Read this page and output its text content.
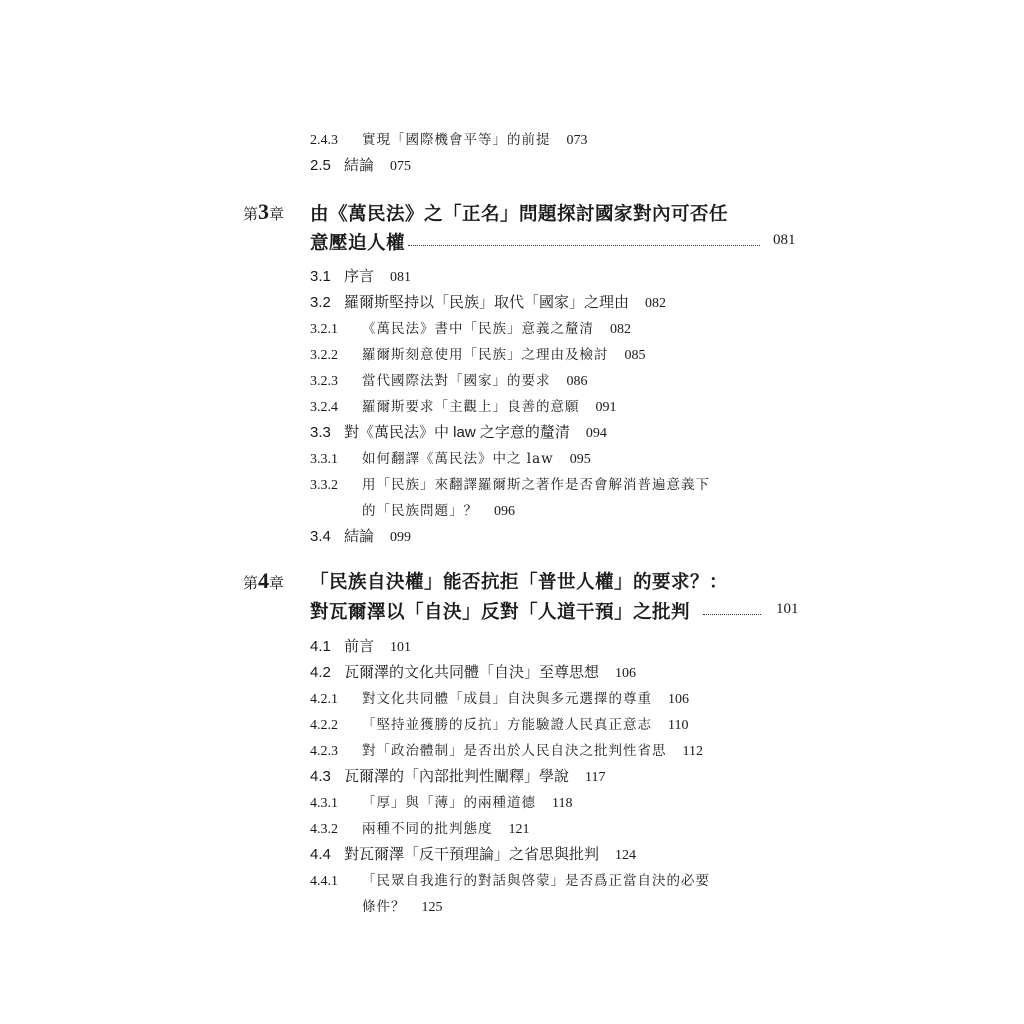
2.4.3 實現「國際機會平等」的前提 073
2.5 結論 075
第3章 由《萬民法》之「正名」問題探討國家對內可否任
意壓迫人權	081
3.1 序言 081
3.2 羅爾斯堅持以「民族」取代「國家」之理由 082
3.2.1 《萬民法》書中「民族」意義之釐清 082
3.2.2 羅爾斯刻意使用「民族」之理由及檢討 085
3.2.3 當代國際法對「國家」的要求 086
3.2.4 羅爾斯要求「主觀上」良善的意願 091
3.3 對《萬民法》中 law 之字意的釐清 094
3.3.1 如何翻譯《萬民法》中之 law 095
3.3.2 用「民族」來翻譯羅爾斯之著作是否會解消普遍意義下
的「民族問題」？ 096
3.4 結論 099
第4章 「民族自決權」能否抗拒「普世人權」的要求？：
對瓦爾澤以「自決」反對「人道干預」之批判	101
4.1 前言 101
4.2 瓦爾澤的文化共同體「自決」至尊思想 106
4.2.1 對文化共同體「成員」自決與多元選擇的尊重 106
4.2.2 「堅持並獲勝的反抗」方能驗證人民真正意志 110
4.2.3 對「政治體制」是否出於人民自決之批判性省思 112
4.3 瓦爾澤的「內部批判性闡釋」學說 117
4.3.1 「厚」與「薄」的兩種道德 118
4.3.2 兩種不同的批判態度 121
4.4 對瓦爾澤「反干預理論」之省思與批判 124
4.4.1 「民眾自我進行的對話與啓蒙」是否爲正當自決的必要
條件？ 125
